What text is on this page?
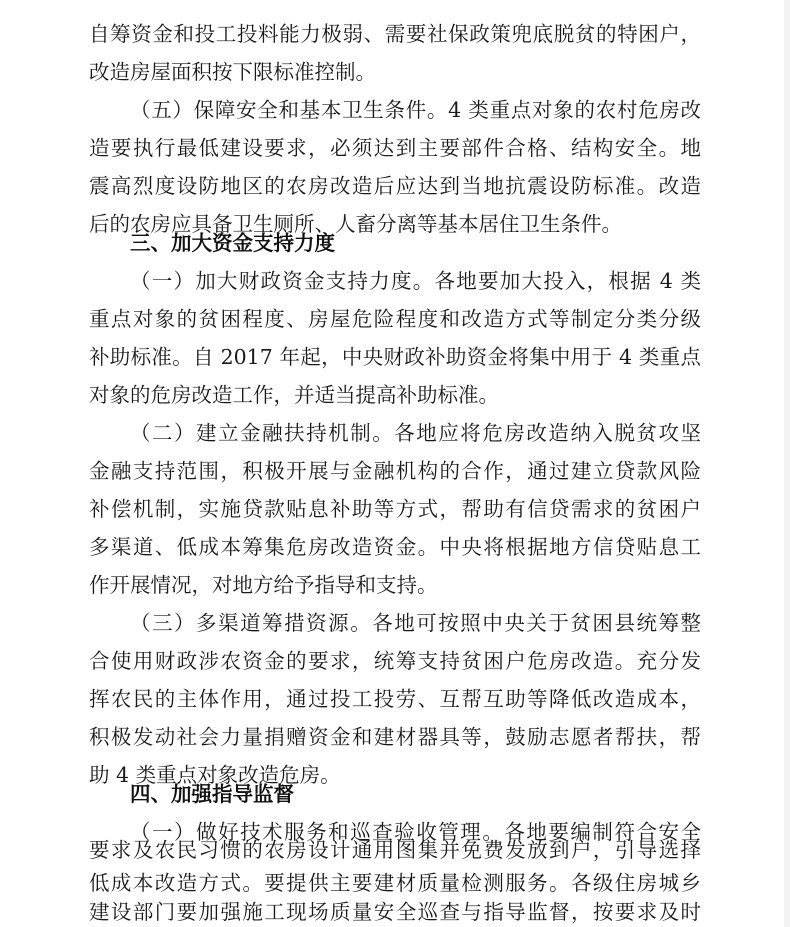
自筹资金和投工投料能力极弱、需要社保政策兜底脱贫的特困户，
改造房屋面积按下限标准控制。
（五）保障安全和基本卫生条件。4 类重点对象的农村危房改
造要执行最低建设要求，必须达到主要部件合格、结构安全。地
震高烈度设防地区的农房改造后应达到当地抗震设防标准。改造
后的农房应具备卫生厕所、人畜分离等基本居住卫生条件。
三、加大资金支持力度
（一）加大财政资金支持力度。各地要加大投入，根据 4 类
重点对象的贫困程度、房屋危险程度和改造方式等制定分类分级
补助标准。自 2017 年起，中央财政补助资金将集中用于 4 类重点
对象的危房改造工作，并适当提高补助标准。
（二）建立金融扶持机制。各地应将危房改造纳入脱贫攻坚
金融支持范围，积极开展与金融机构的合作，通过建立贷款风险
补偿机制，实施贷款贴息补助等方式，帮助有信贷需求的贫困户
多渠道、低成本筹集危房改造资金。中央将根据地方信贷贴息工
作开展情况，对地方给予指导和支持。
（三）多渠道筹措资源。各地可按照中央关于贫困县统筹整
合使用财政涉农资金的要求，统筹支持贫困户危房改造。充分发
挥农民的主体作用，通过投工投劳、互帮互助等降低改造成本，
积极发动社会力量捐赠资金和建材器具等，鼓励志愿者帮扶，帮
助 4 类重点对象改造危房。
四、加强指导监督
（一）做好技术服务和巡查验收管理。各地要编制符合安全
要求及农民习惯的农房设计通用图集并免费发放到户，引导选择
低成本改造方式。要提供主要建材质量检测服务。各级住房城乡
建设部门要加强施工现场质量安全巡查与指导监督，按要求及时
